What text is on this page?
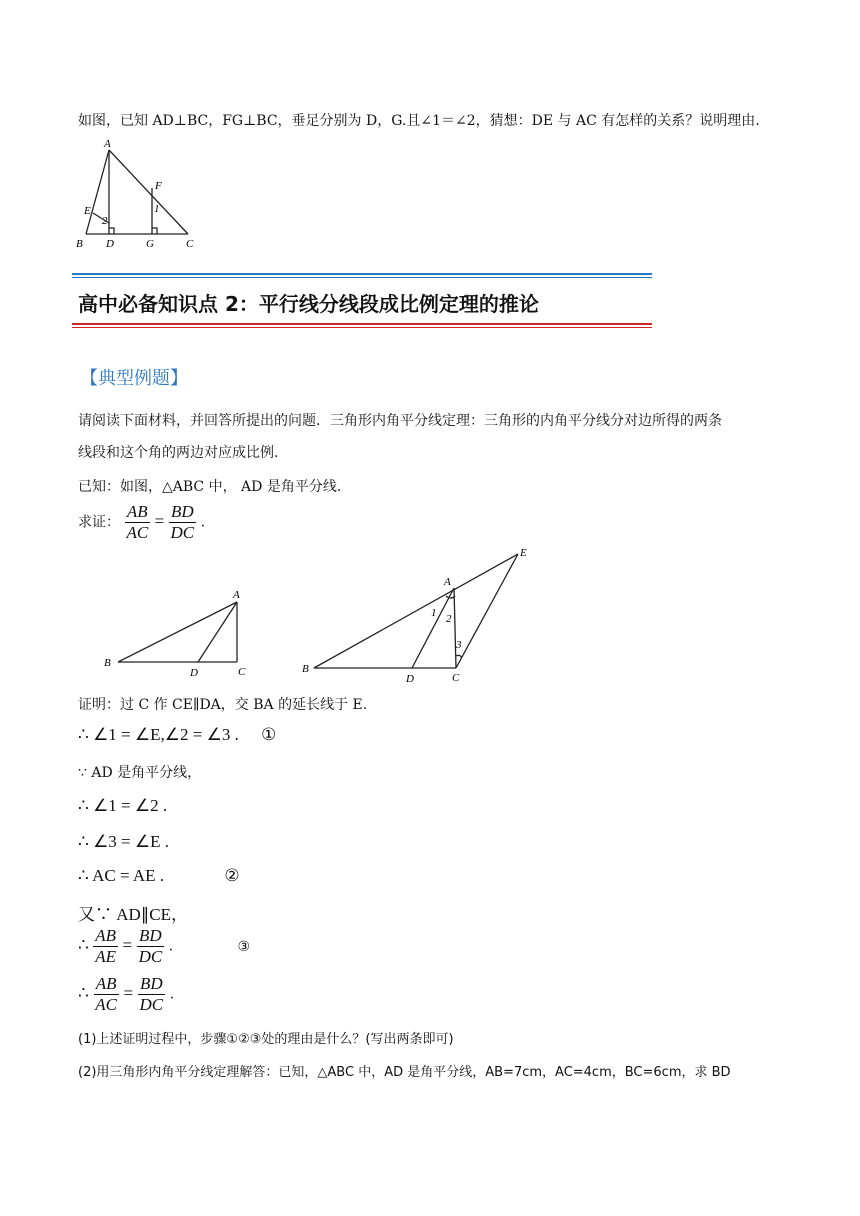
如图，已知 AD⊥BC，FG⊥BC，垂足分别为 D，G.且∠1＝∠2，猜想：DE 与 AC 有怎样的关系？说明理由.
A
B	C
D
E
F
G
1
2
高中必备知识点 2：平行线分线段成比例定理的推论
【典型例题】
请阅读下面材料，并回答所提出的问题．三角形内角平分线定理：三角形的内角平分线分对边所得的两条
线段和这个角的两边对应成比例.
已知：如图，△ABC 中， AD 是角平分线.
求证： $\frac{AB}{AC} = \frac{BD}{DC}$ .
A
B
C
D
A
B
C
D
E
1 2
3
证明：过 C 作 CE∥DA，交 BA 的延长线于 E.
∴ ∠1 = ∠E,∠2 = ∠3 . ①
∵ AD 是角平分线，
∴ ∠1 = ∠2 .
∴ ∠3 = ∠E .
∴ AC = AE .	②
又∵ AD∥CE，
∴ $\frac{AB}{AE} = \frac{BD}{DC}$ .	③
∴ $\frac{AB}{AC} = \frac{BD}{DC}$ .
(1)上述证明过程中，步骤①②③处的理由是什么？(写出两条即可)
(2)用三角形内角平分线定理解答：已知，△ABC 中，AD 是角平分线，AB=7cm，AC=4cm，BC=6cm，求 BD
